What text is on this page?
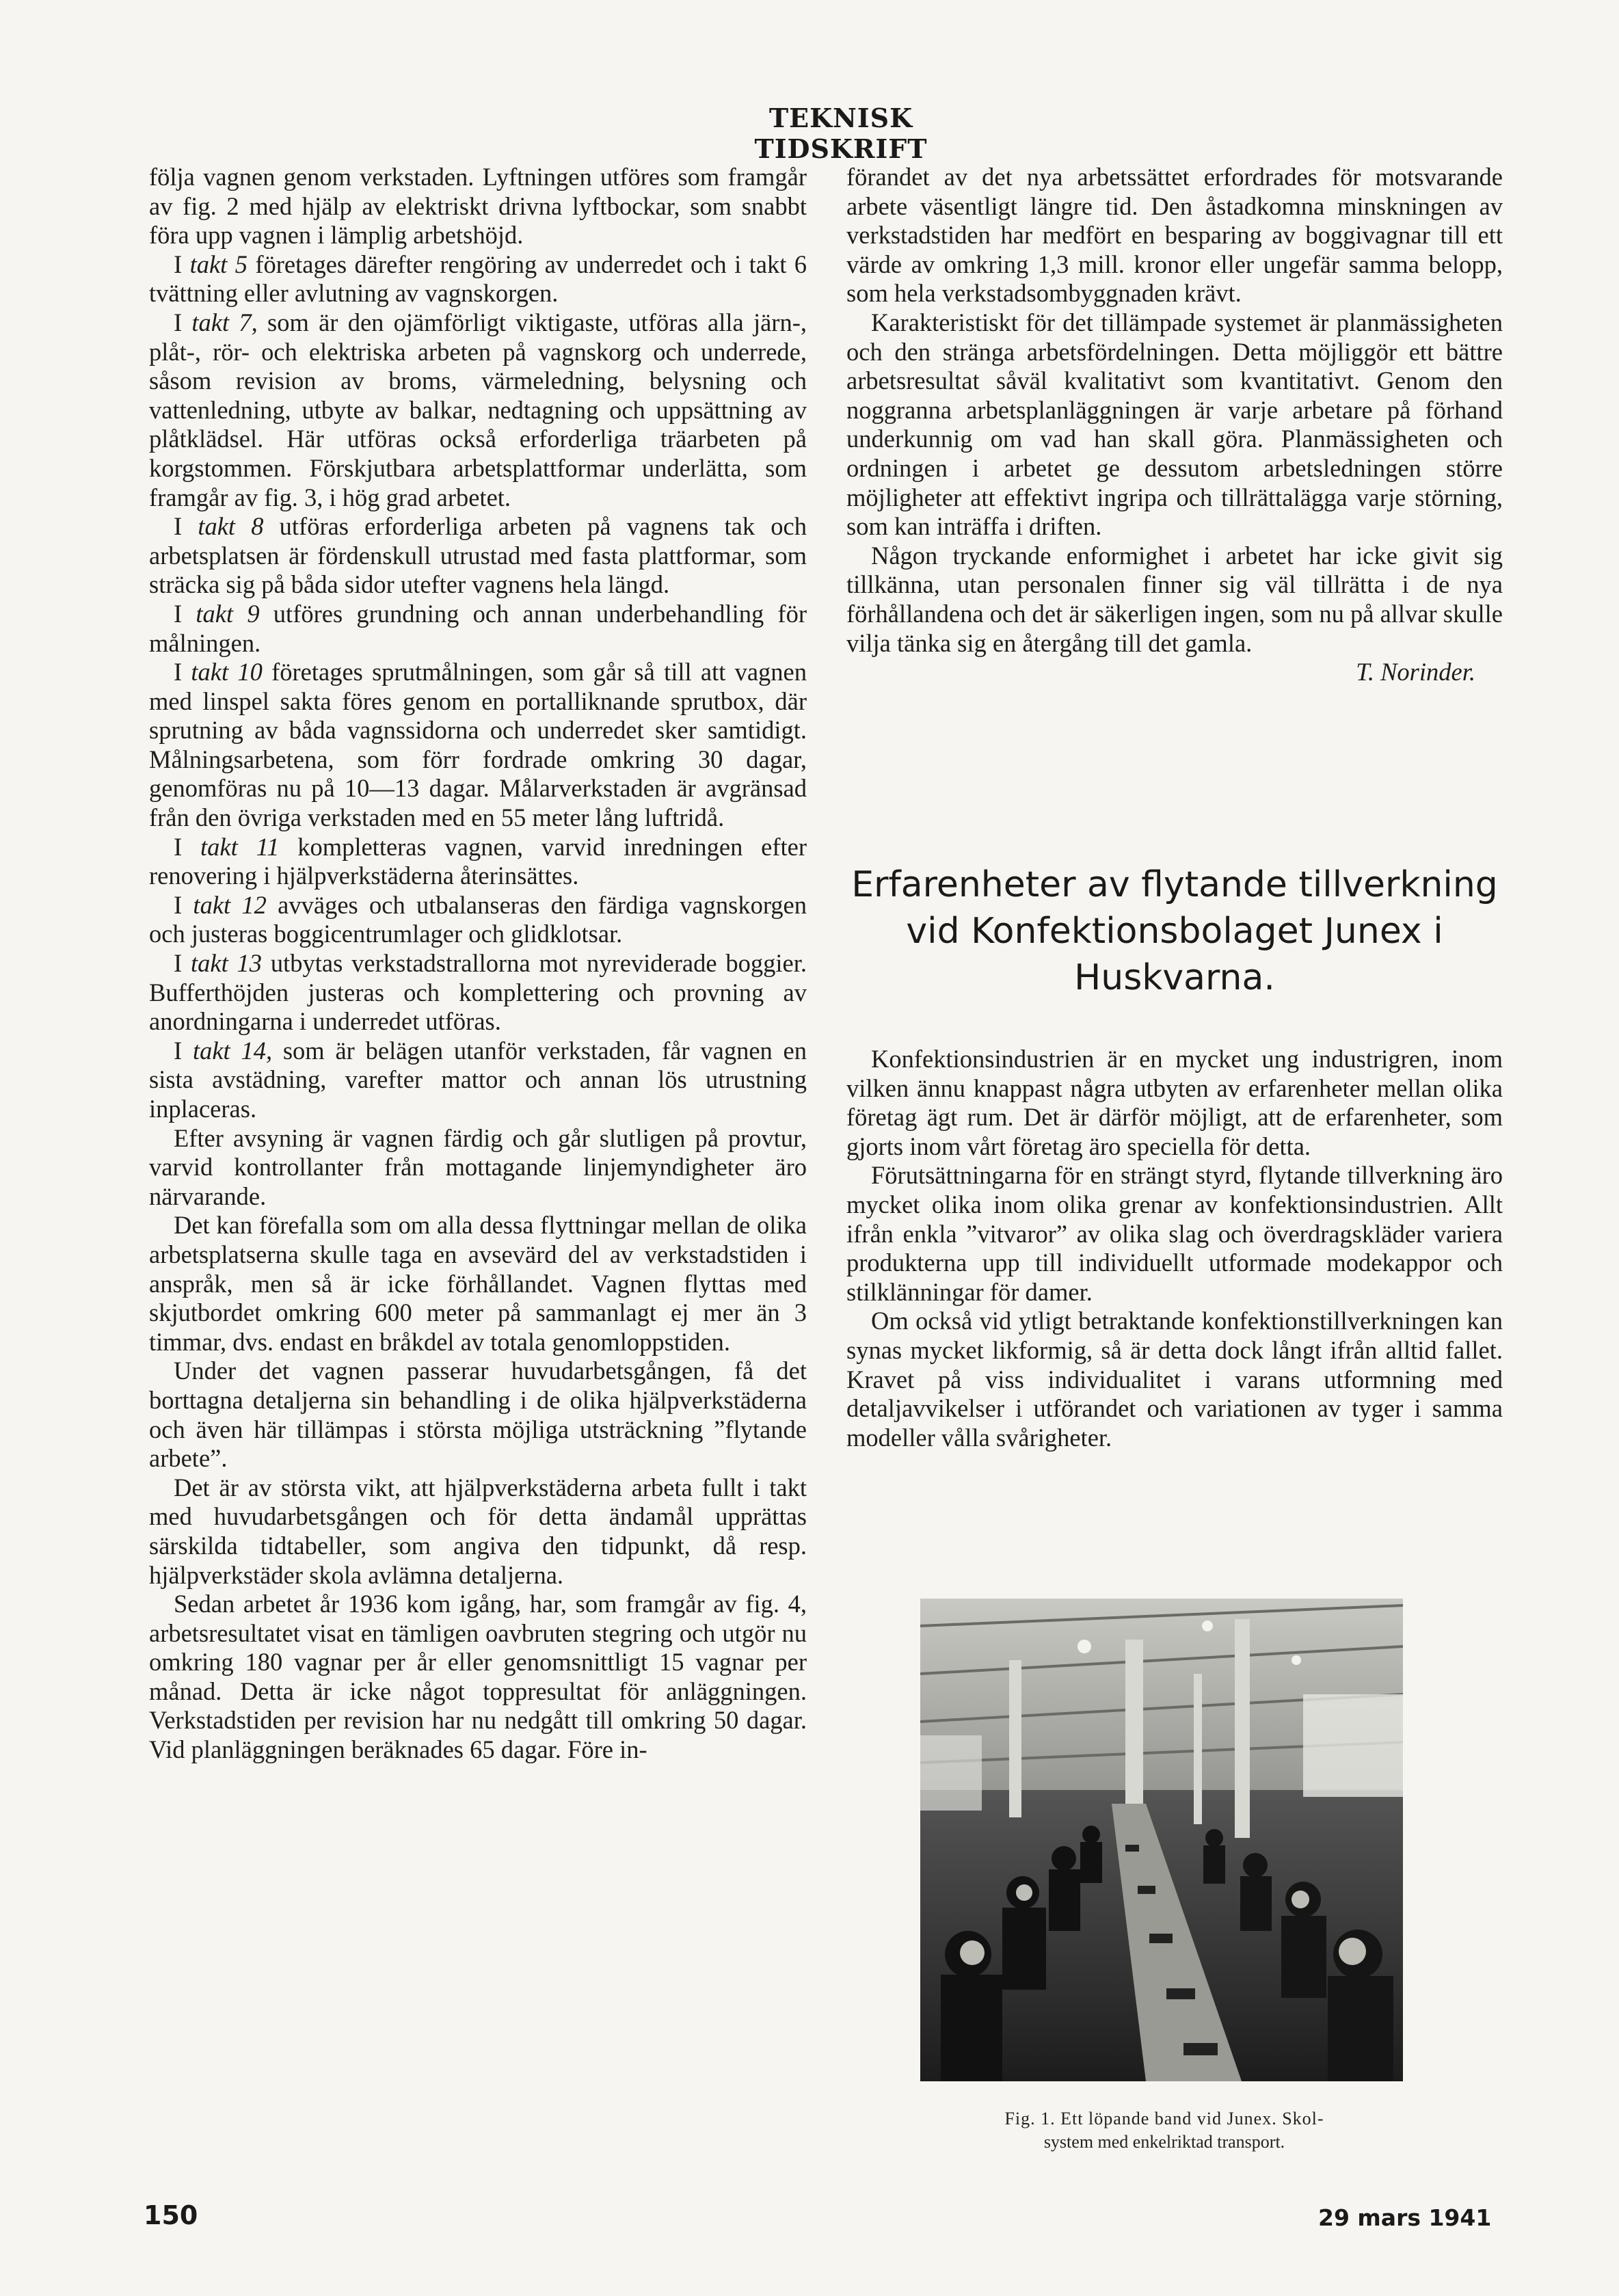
TEKNISK TIDSKRIFT

följa vagnen genom verkstaden. Lyftningen utföres som framgår av fig. 2 med hjälp av elektriskt drivna lyftbockar, som snabbt föra upp vagnen i lämplig arbetshöjd.

I takt 5 företages därefter rengöring av underredet och i takt 6 tvättning eller avlutning av vagnskorgen.

I takt 7, som är den ojämförligt viktigaste, utföras alla järn-, plåt-, rör- och elektriska arbeten på vagnskorg och underrede, såsom revision av broms, värmeledning, belysning och vattenledning, utbyte av balkar, nedtagning och uppsättning av plåtklädsel. Här utföras också erforderliga träarbeten på korgstommen. Förskjutbara arbetsplattformar underlätta, som framgår av fig. 3, i hög grad arbetet.

I takt 8 utföras erforderliga arbeten på vagnens tak och arbetsplatsen är fördenskull utrustad med fasta plattformar, som sträcka sig på båda sidor utefter vagnens hela längd.

I takt 9 utföres grundning och annan underbehandling för målningen.

I takt 10 företages sprutmålningen, som går så till att vagnen med linspel sakta föres genom en portalliknande sprutbox, där sprutning av båda vagnssidorna och underredet sker samtidigt. Målningsarbetena, som förr fordrade omkring 30 dagar, genomföras nu på 10—13 dagar. Målarverkstaden är avgränsad från den övriga verkstaden med en 55 meter lång luftridå.

I takt 11 kompletteras vagnen, varvid inredningen efter renovering i hjälpverkstäderna återinsättes.

I takt 12 avväges och utbalanseras den färdiga vagnskorgen och justeras boggicentrumlager och glidklotsar.

I takt 13 utbytas verkstadstrallorna mot nyreviderade boggier. Bufferthöjden justeras och komplettering och provning av anordningarna i underredet utföras.

I takt 14, som är belägen utanför verkstaden, får vagnen en sista avstädning, varefter mattor och annan lös utrustning inplaceras.

Efter avsyning är vagnen färdig och går slutligen på provtur, varvid kontrollanter från mottagande linjemyndigheter äro närvarande.

Det kan förefalla som om alla dessa flyttningar mellan de olika arbetsplatserna skulle taga en avsevärd del av verkstadstiden i anspråk, men så är icke förhållandet. Vagnen flyttas med skjutbordet omkring 600 meter på sammanlagt ej mer än 3 timmar, dvs. endast en bråkdel av totala genomloppstiden.

Under det vagnen passerar huvudarbetsgången, få det borttagna detaljerna sin behandling i de olika hjälpverkstäderna och även här tillämpas i största möjliga utsträckning ”flytande arbete”.

Det är av största vikt, att hjälpverkstäderna arbeta fullt i takt med huvudarbetsgången och för detta ändamål upprättas särskilda tidtabeller, som angiva den tidpunkt, då resp. hjälpverkstäder skola avlämna detaljerna.

Sedan arbetet år 1936 kom igång, har, som framgår av fig. 4, arbetsresultatet visat en tämligen oavbruten stegring och utgör nu omkring 180 vagnar per år eller genomsnittligt 15 vagnar per månad. Detta är icke något toppresultat för anläggningen. Verkstadstiden per revision har nu nedgått till omkring 50 dagar. Vid planläggningen beräknades 65 dagar. Före in-

förandet av det nya arbetssättet erfordrades för motsvarande arbete väsentligt längre tid. Den åstadkomna minskningen av verkstadstiden har medfört en besparing av boggivagnar till ett värde av omkring 1,3 mill. kronor eller ungefär samma belopp, som hela verkstadsombyggnaden krävt.

Karakteristiskt för det tillämpade systemet är planmässigheten och den stränga arbetsfördelningen. Detta möjliggör ett bättre arbetsresultat såväl kvalitativt som kvantitativt. Genom den noggranna arbetsplanläggningen är varje arbetare på förhand underkunnig om vad han skall göra. Planmässigheten och ordningen i arbetet ge dessutom arbetsledningen större möjligheter att effektivt ingripa och tillrättalägga varje störning, som kan inträffa i driften.

Någon tryckande enformighet i arbetet har icke givit sig tillkänna, utan personalen finner sig väl tillrätta i de nya förhållandena och det är säkerligen ingen, som nu på allvar skulle vilja tänka sig en återgång till det gamla.

T. Norinder.

Erfarenheter av flytande tillverkning vid Konfektionsbolaget Junex i Huskvarna.

Konfektionsindustrien är en mycket ung industrigren, inom vilken ännu knappast några utbyten av erfarenheter mellan olika företag ägt rum. Det är därför möjligt, att de erfarenheter, som gjorts inom vårt företag äro speciella för detta.

Förutsättningarna för en strängt styrd, flytande tillverkning äro mycket olika inom olika grenar av konfektionsindustrien. Allt ifrån enkla ”vitvaror” av olika slag och överdragskläder variera produkterna upp till individuellt utformade modekappor och stilklänningar för damer.

Om också vid ytligt betraktande konfektionstillverkningen kan synas mycket likformig, så är detta dock långt ifrån alltid fallet. Kravet på viss individualitet i varans utformning med detaljavvikelser i utförandet och variationen av tyger i samma modeller vålla svårigheter.

Fig. 1. Ett löpande band vid Junex. Skol-
system med enkelriktad transport.
150	29 mars 1941
